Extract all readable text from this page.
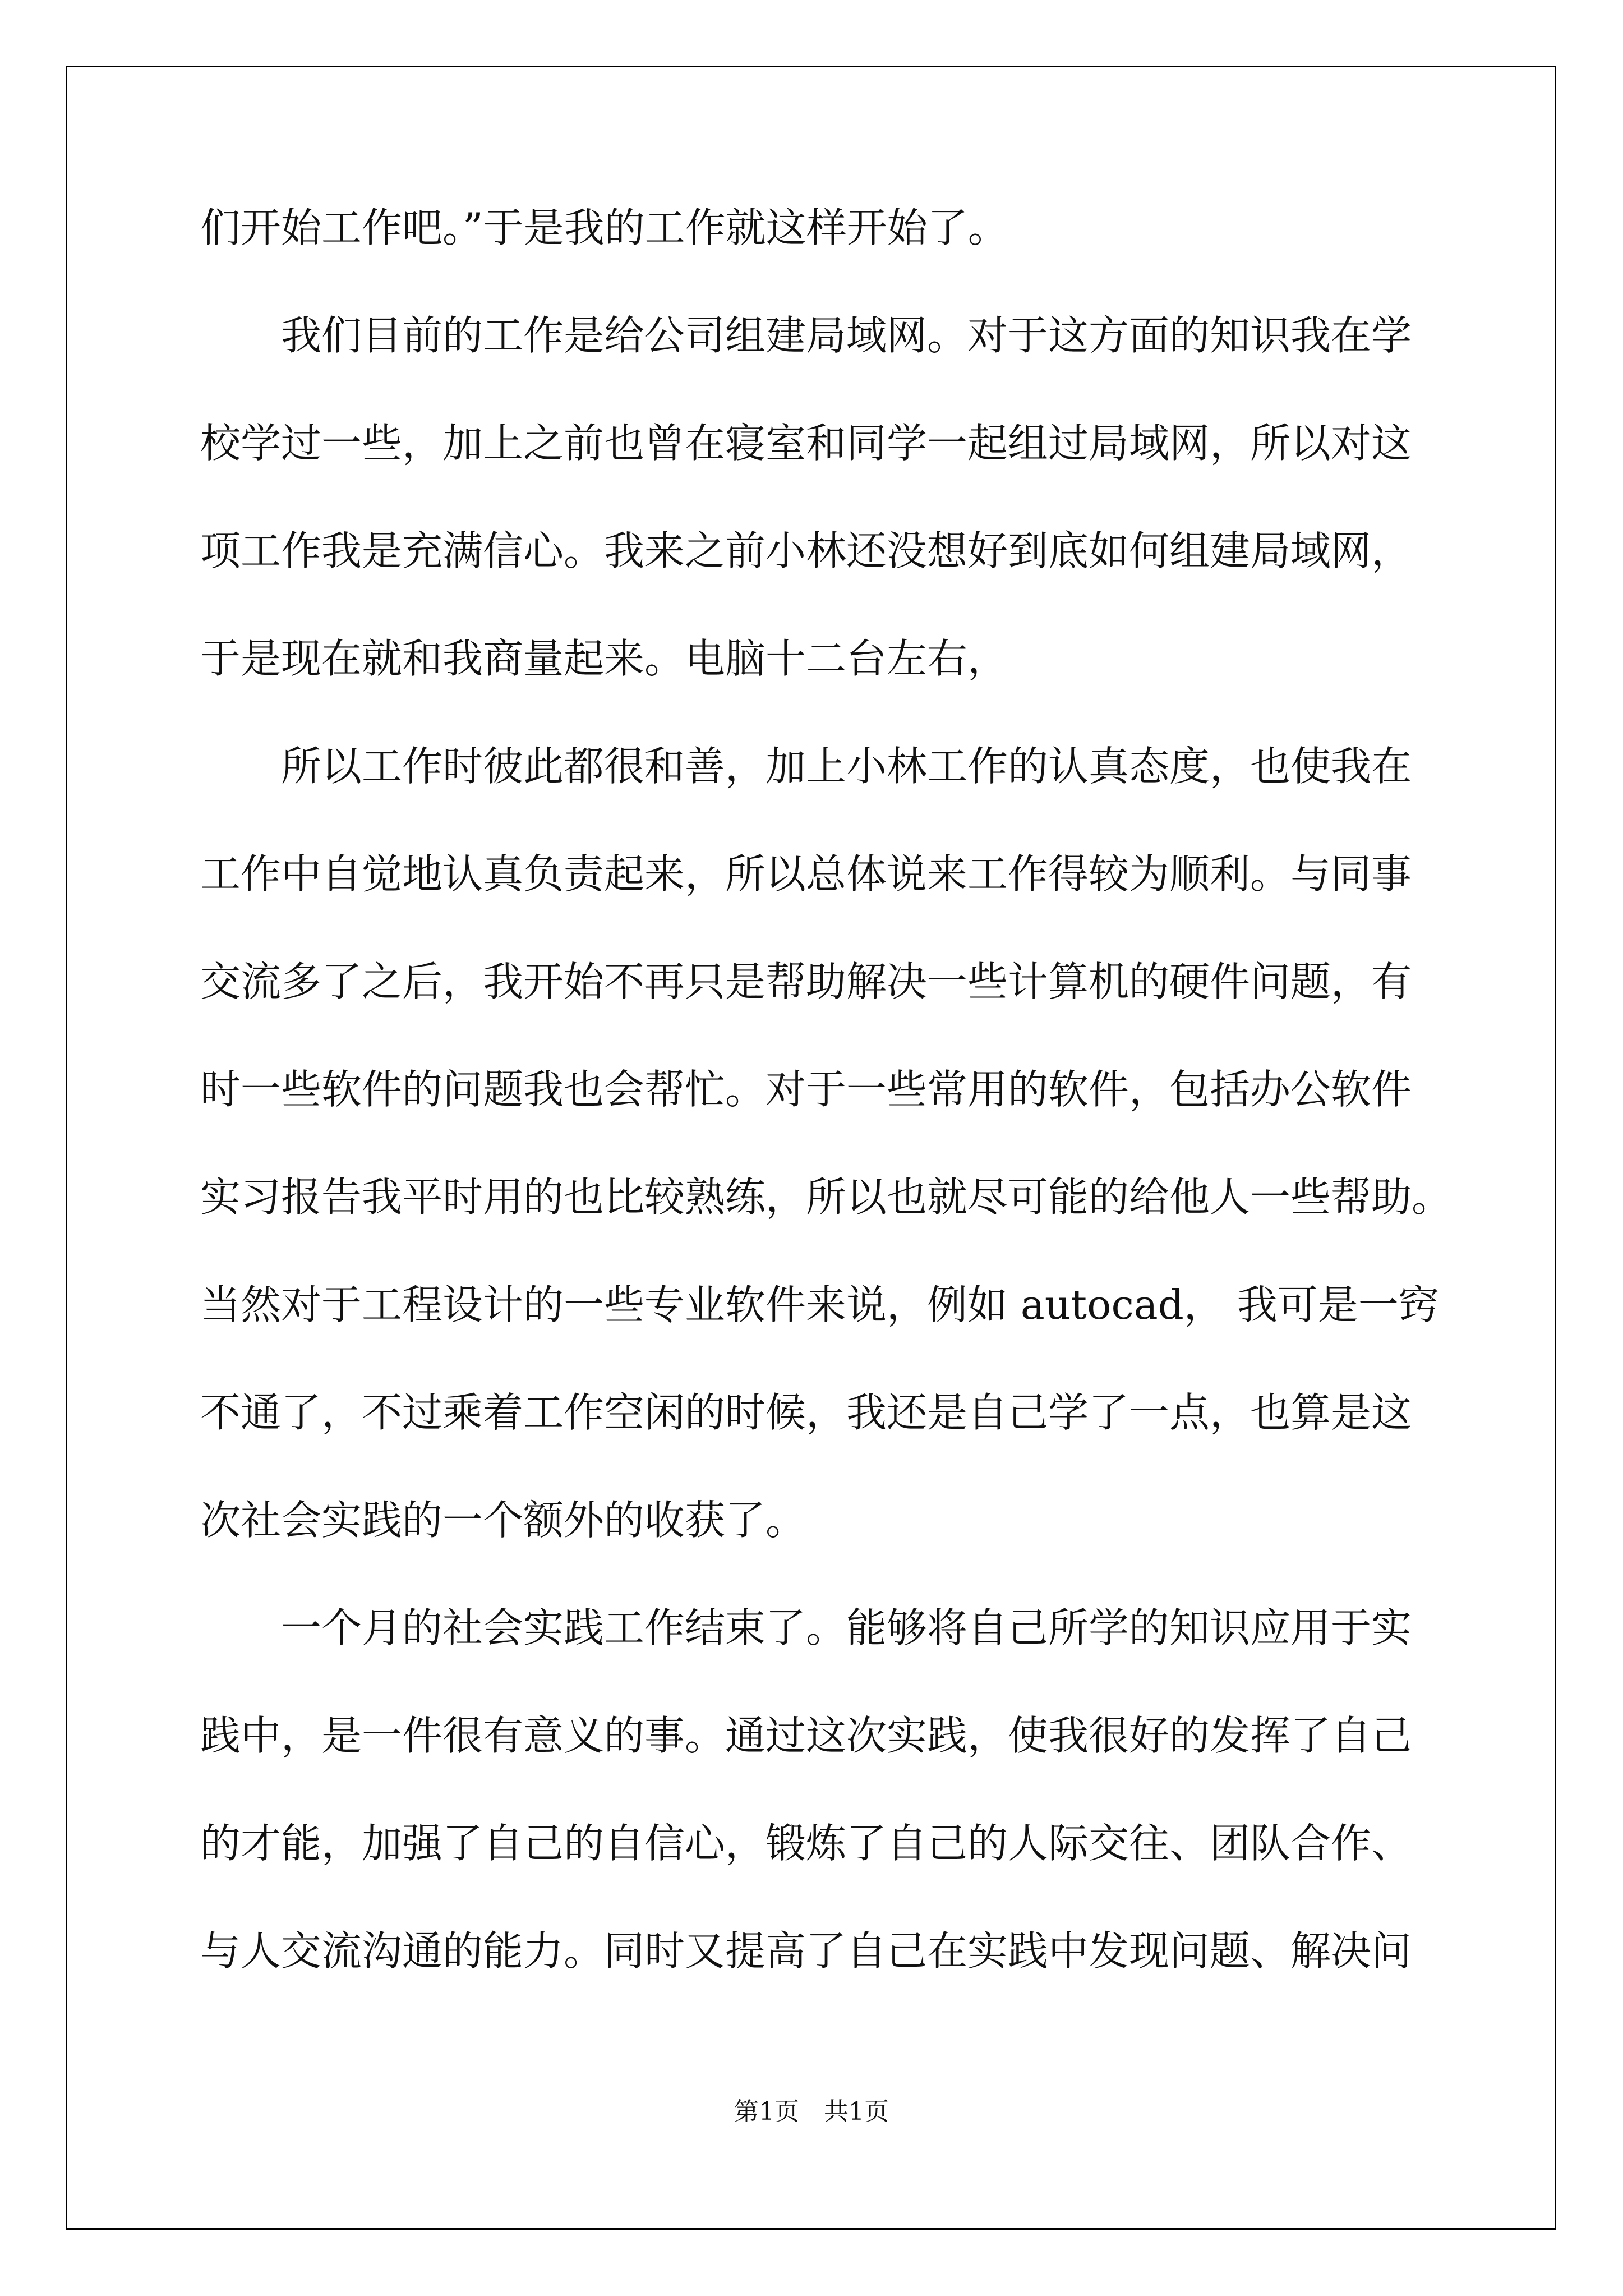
们开始工作吧。”于是我的工作就这样开始了。
　　我们目前的工作是给公司组建局域网。对于这方面的知识我在学
校学过一些，加上之前也曾在寝室和同学一起组过局域网，所以对这
项工作我是充满信心。我来之前小林还没想好到底如何组建局域网，
于是现在就和我商量起来。电脑十二台左右，
　　所以工作时彼此都很和善，加上小林工作的认真态度，也使我在
工作中自觉地认真负责起来，所以总体说来工作得较为顺利。与同事
交流多了之后，我开始不再只是帮助解决一些计算机的硬件问题，有
时一些软件的问题我也会帮忙。对于一些常用的软件，包括办公软件
实习报告我平时用的也比较熟练，所以也就尽可能的给他人一些帮助。
当然对于工程设计的一些专业软件来说，例如 autocad， 我可是一窍
不通了，不过乘着工作空闲的时候，我还是自己学了一点，也算是这
次社会实践的一个额外的收获了。
　　一个月的社会实践工作结束了。能够将自己所学的知识应用于实
践中，是一件很有意义的事。通过这次实践，使我很好的发挥了自己
的才能，加强了自己的自信心，锻炼了自己的人际交往、团队合作、
与人交流沟通的能力。同时又提高了自己在实践中发现问题、解决问
第1页　共1页
